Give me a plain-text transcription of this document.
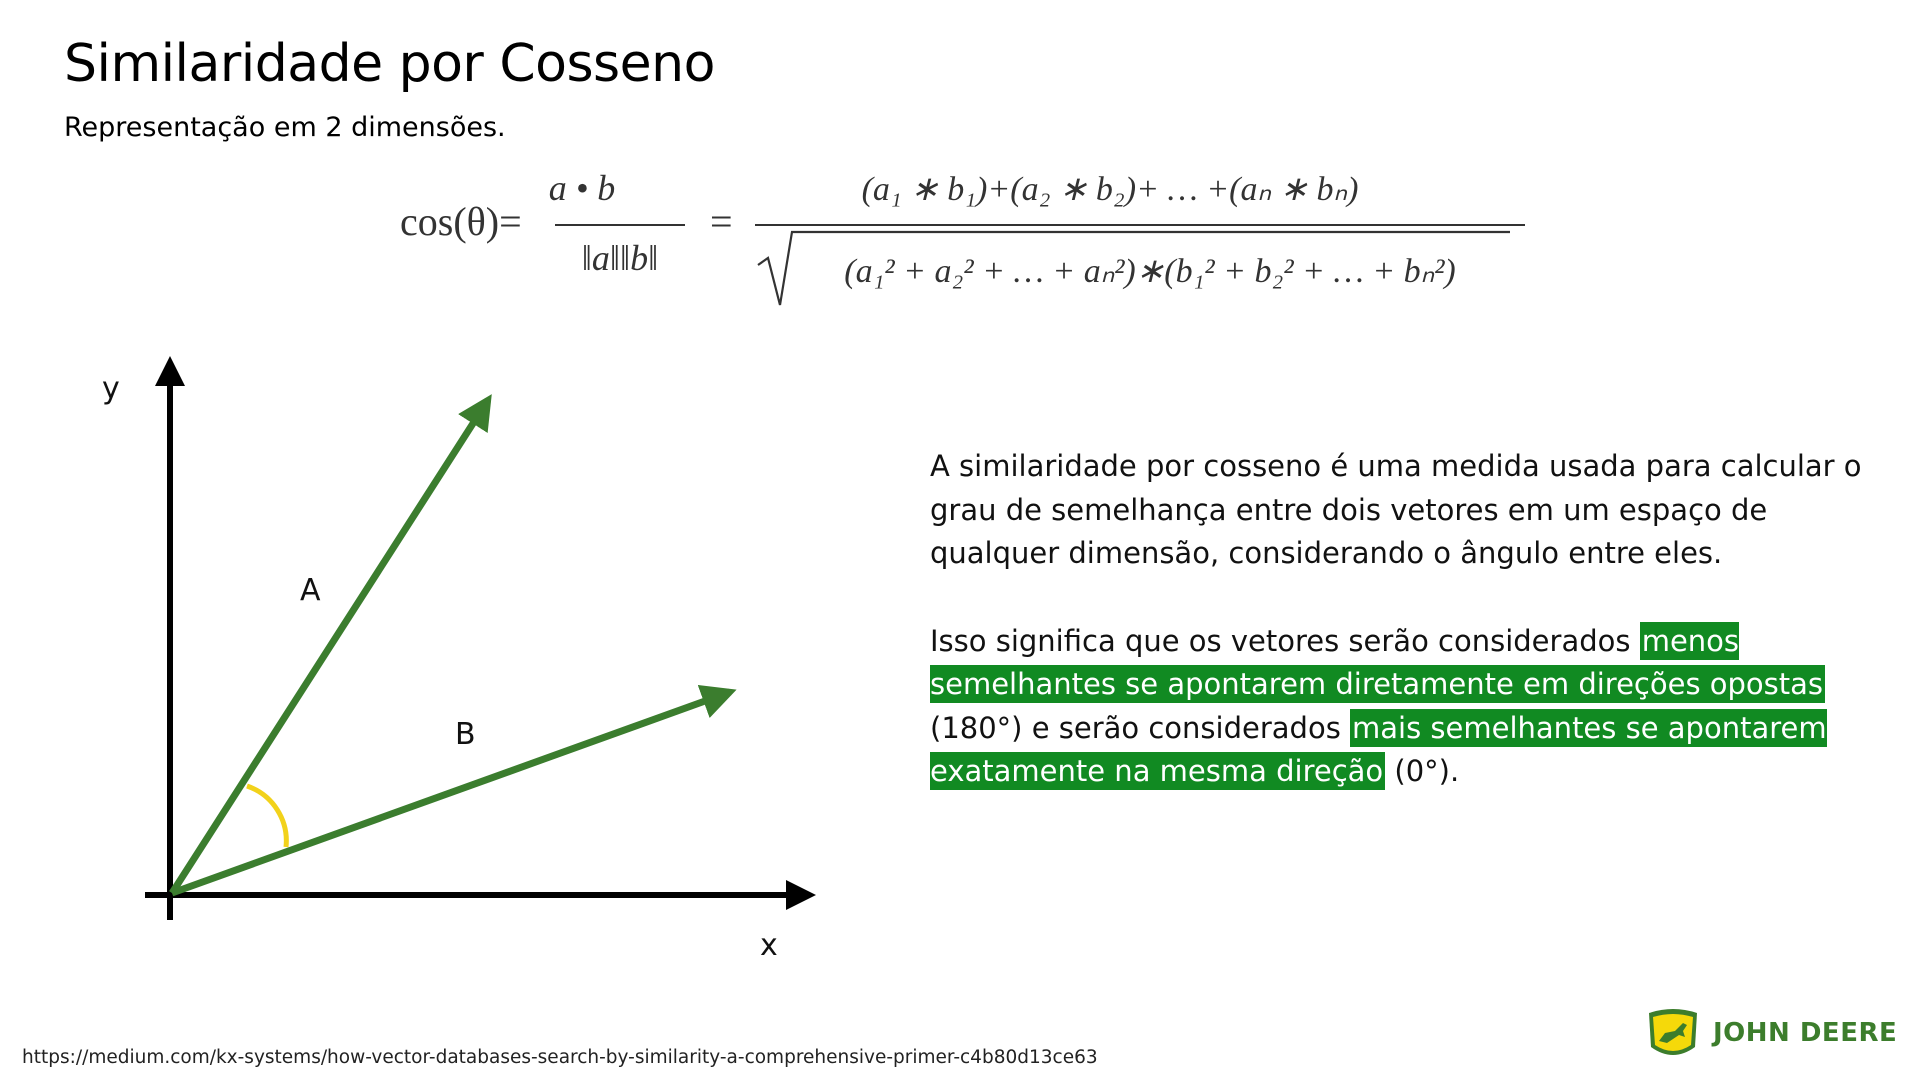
Similaridade por Cosseno
Representação em 2 dimensões.
cos(θ)=
a • b
‖a‖‖b‖
=
(a₁ ∗ b₁)+(a₂ ∗ b₂)+ … +(aₙ ∗ bₙ)
(a₁² + a₂² + … + aₙ²)∗(b₁² + b₂² + … + bₙ²)
y
x
A
B

A similaridade por cosseno é uma medida usada para calcular o grau de semelhança entre dois vetores em um espaço de qualquer dimensão, considerando o ângulo entre eles.

Isso significa que os vetores serão considerados menos semelhantes se apontarem diretamente em direções opostas (180°) e serão considerados mais semelhantes se apontarem exatamente na mesma direção (0°).

https://medium.com/kx-systems/how-vector-databases-search-by-similarity-a-comprehensive-primer-c4b80d13ce63
JOHN DEERE
